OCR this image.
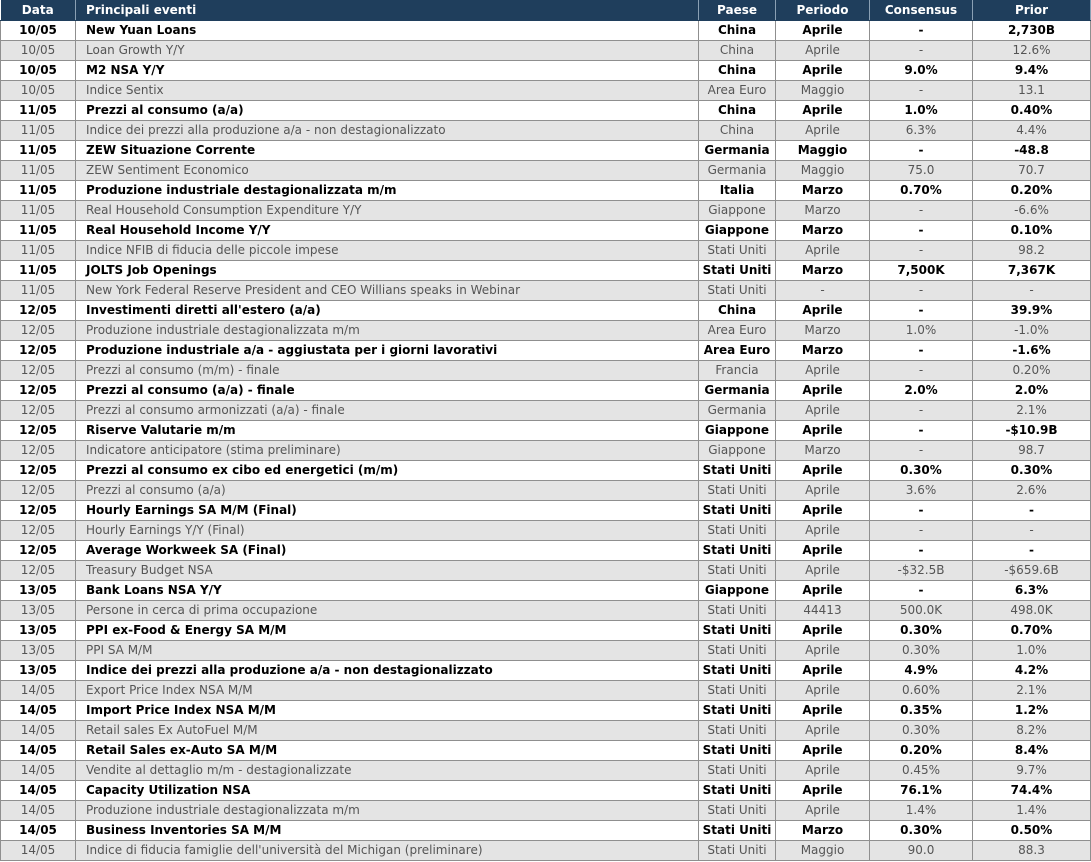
Data	Principali eventi	Paese	Periodo	Consensus	Prior
10/05	New Yuan Loans	China	Aprile	-	2,730B
10/05	Loan Growth Y/Y	China	Aprile	-	12.6%
10/05	M2 NSA Y/Y	China	Aprile	9.0%	9.4%
10/05	Indice Sentix	Area Euro	Maggio	-	13.1
11/05	Prezzi al consumo (a/a)	China	Aprile	1.0%	0.40%
11/05	Indice dei prezzi alla produzione a/a - non destagionalizzato	China	Aprile	6.3%	4.4%
11/05	ZEW Situazione Corrente	Germania	Maggio	-	-48.8
11/05	ZEW Sentiment Economico	Germania	Maggio	75.0	70.7
11/05	Produzione industriale destagionalizzata m/m	Italia	Marzo	0.70%	0.20%
11/05	Real Household Consumption Expenditure Y/Y	Giappone	Marzo	-	-6.6%
11/05	Real Household Income Y/Y	Giappone	Marzo	-	0.10%
11/05	Indice NFIB di fiducia delle piccole impese	Stati Uniti	Aprile	-	98.2
11/05	JOLTS Job Openings	Stati Uniti	Marzo	7,500K	7,367K
11/05	New York Federal Reserve President and CEO Willians speaks in Webinar	Stati Uniti	-	-	-
12/05	Investimenti diretti all'estero (a/a)	China	Aprile	-	39.9%
12/05	Produzione industriale destagionalizzata m/m	Area Euro	Marzo	1.0%	-1.0%
12/05	Produzione industriale a/a - aggiustata per i giorni lavorativi	Area Euro	Marzo	-	-1.6%
12/05	Prezzi al consumo (m/m) - finale	Francia	Aprile	-	0.20%
12/05	Prezzi al consumo (a/a) - finale	Germania	Aprile	2.0%	2.0%
12/05	Prezzi al consumo armonizzati (a/a) - finale	Germania	Aprile	-	2.1%
12/05	Riserve Valutarie m/m	Giappone	Aprile	-	-$10.9B
12/05	Indicatore anticipatore (stima preliminare)	Giappone	Marzo	-	98.7
12/05	Prezzi al consumo ex cibo ed energetici (m/m)	Stati Uniti	Aprile	0.30%	0.30%
12/05	Prezzi al consumo (a/a)	Stati Uniti	Aprile	3.6%	2.6%
12/05	Hourly Earnings SA M/M (Final)	Stati Uniti	Aprile	-	-
12/05	Hourly Earnings Y/Y (Final)	Stati Uniti	Aprile	-	-
12/05	Average Workweek SA (Final)	Stati Uniti	Aprile	-	-
12/05	Treasury Budget NSA	Stati Uniti	Aprile	-$32.5B	-$659.6B
13/05	Bank Loans NSA Y/Y	Giappone	Aprile	-	6.3%
13/05	Persone in cerca di prima occupazione	Stati Uniti	44413	500.0K	498.0K
13/05	PPI ex-Food & Energy SA M/M	Stati Uniti	Aprile	0.30%	0.70%
13/05	PPI SA M/M	Stati Uniti	Aprile	0.30%	1.0%
13/05	Indice dei prezzi alla produzione a/a - non destagionalizzato	Stati Uniti	Aprile	4.9%	4.2%
14/05	Export Price Index NSA M/M	Stati Uniti	Aprile	0.60%	2.1%
14/05	Import Price Index NSA M/M	Stati Uniti	Aprile	0.35%	1.2%
14/05	Retail sales Ex AutoFuel M/M	Stati Uniti	Aprile	0.30%	8.2%
14/05	Retail Sales ex-Auto SA M/M	Stati Uniti	Aprile	0.20%	8.4%
14/05	Vendite al dettaglio m/m - destagionalizzate	Stati Uniti	Aprile	0.45%	9.7%
14/05	Capacity Utilization NSA	Stati Uniti	Aprile	76.1%	74.4%
14/05	Produzione industriale destagionalizzata m/m	Stati Uniti	Aprile	1.4%	1.4%
14/05	Business Inventories SA M/M	Stati Uniti	Marzo	0.30%	0.50%
14/05	Indice di fiducia famiglie dell'università del Michigan (preliminare)	Stati Uniti	Maggio	90.0	88.3
